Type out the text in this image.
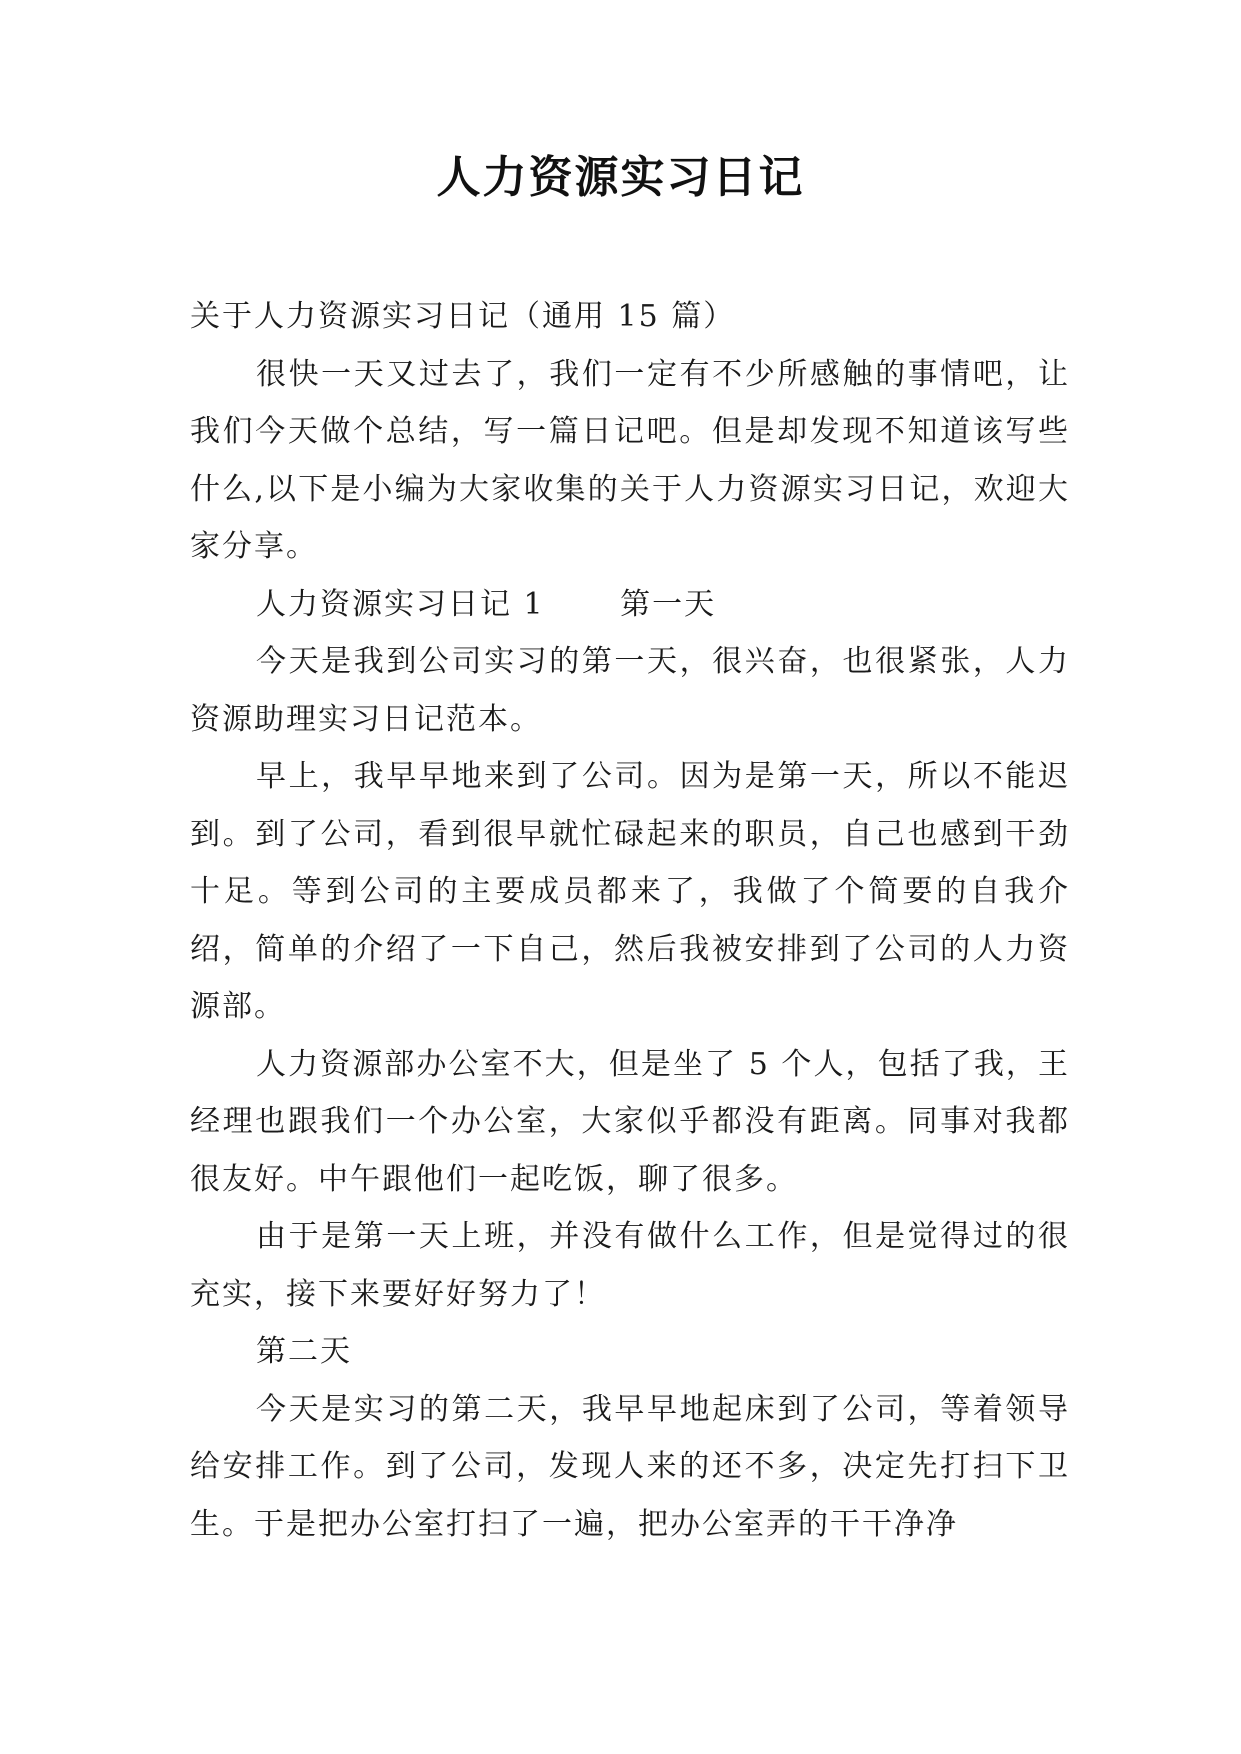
人力资源实习日记

关于人力资源实习日记（通用 15 篇）

很快一天又过去了，我们一定有不少所感触的事情吧，让我们今天做个总结，写一篇日记吧。但是却发现不知道该写些什么,以下是小编为大家收集的关于人力资源实习日记，欢迎大家分享。

人力资源实习日记 1　　 第一天

今天是我到公司实习的第一天，很兴奋，也很紧张，人力资源助理实习日记范本。

早上，我早早地来到了公司。因为是第一天，所以不能迟到。到了公司，看到很早就忙碌起来的职员，自己也感到干劲十足。等到公司的主要成员都来了，我做了个简要的自我介绍，简单的介绍了一下自己，然后我被安排到了公司的人力资源部。

人力资源部办公室不大，但是坐了 5 个人，包括了我，王经理也跟我们一个办公室，大家似乎都没有距离。同事对我都很友好。中午跟他们一起吃饭，聊了很多。

由于是第一天上班，并没有做什么工作，但是觉得过的很充实，接下来要好好努力了！

第二天

今天是实习的第二天，我早早地起床到了公司，等着领导给安排工作。到了公司，发现人来的还不多，决定先打扫下卫生。于是把办公室打扫了一遍，把办公室弄的干干净净
